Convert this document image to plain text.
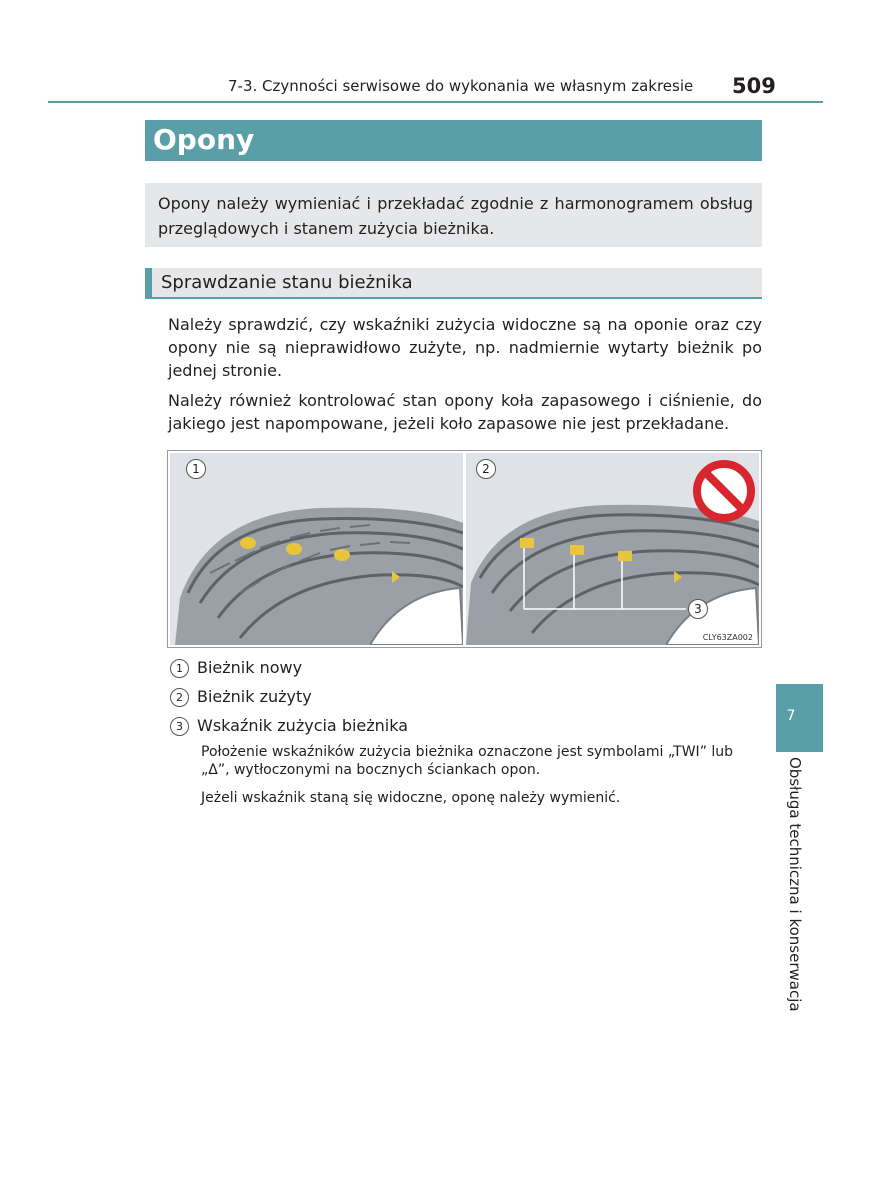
7-3. Czynności serwisowe do wykonania we własnym zakresie 509
Opony
Opony należy wymieniać i przekładać zgodnie z harmonogramem obsług przeglądowych i stanem zużycia bieżnika.
Sprawdzanie stanu bieżnika
Należy sprawdzić, czy wskaźniki zużycia widoczne są na oponie oraz czy opony nie są nieprawidłowo zużyte, np. nadmiernie wytarty bieżnik po jednej stronie.
Należy również kontrolować stan opony koła zapasowego i ciśnienie, do jakiego jest napompowane, jeżeli koło zapasowe nie jest przekładane.
1	2
3
CLY63ZA002
1 Bieżnik nowy
2 Bieżnik zużyty
3 Wskaźnik zużycia bieżnika
Położenie wskaźników zużycia bieżnika oznaczone jest symbolami „TWI” lub „Δ”, wytłoczonymi na bocznych ściankach opon.
Jeżeli wskaźnik staną się widoczne, oponę należy wymienić.
7
Obsługa techniczna i konserwacja
